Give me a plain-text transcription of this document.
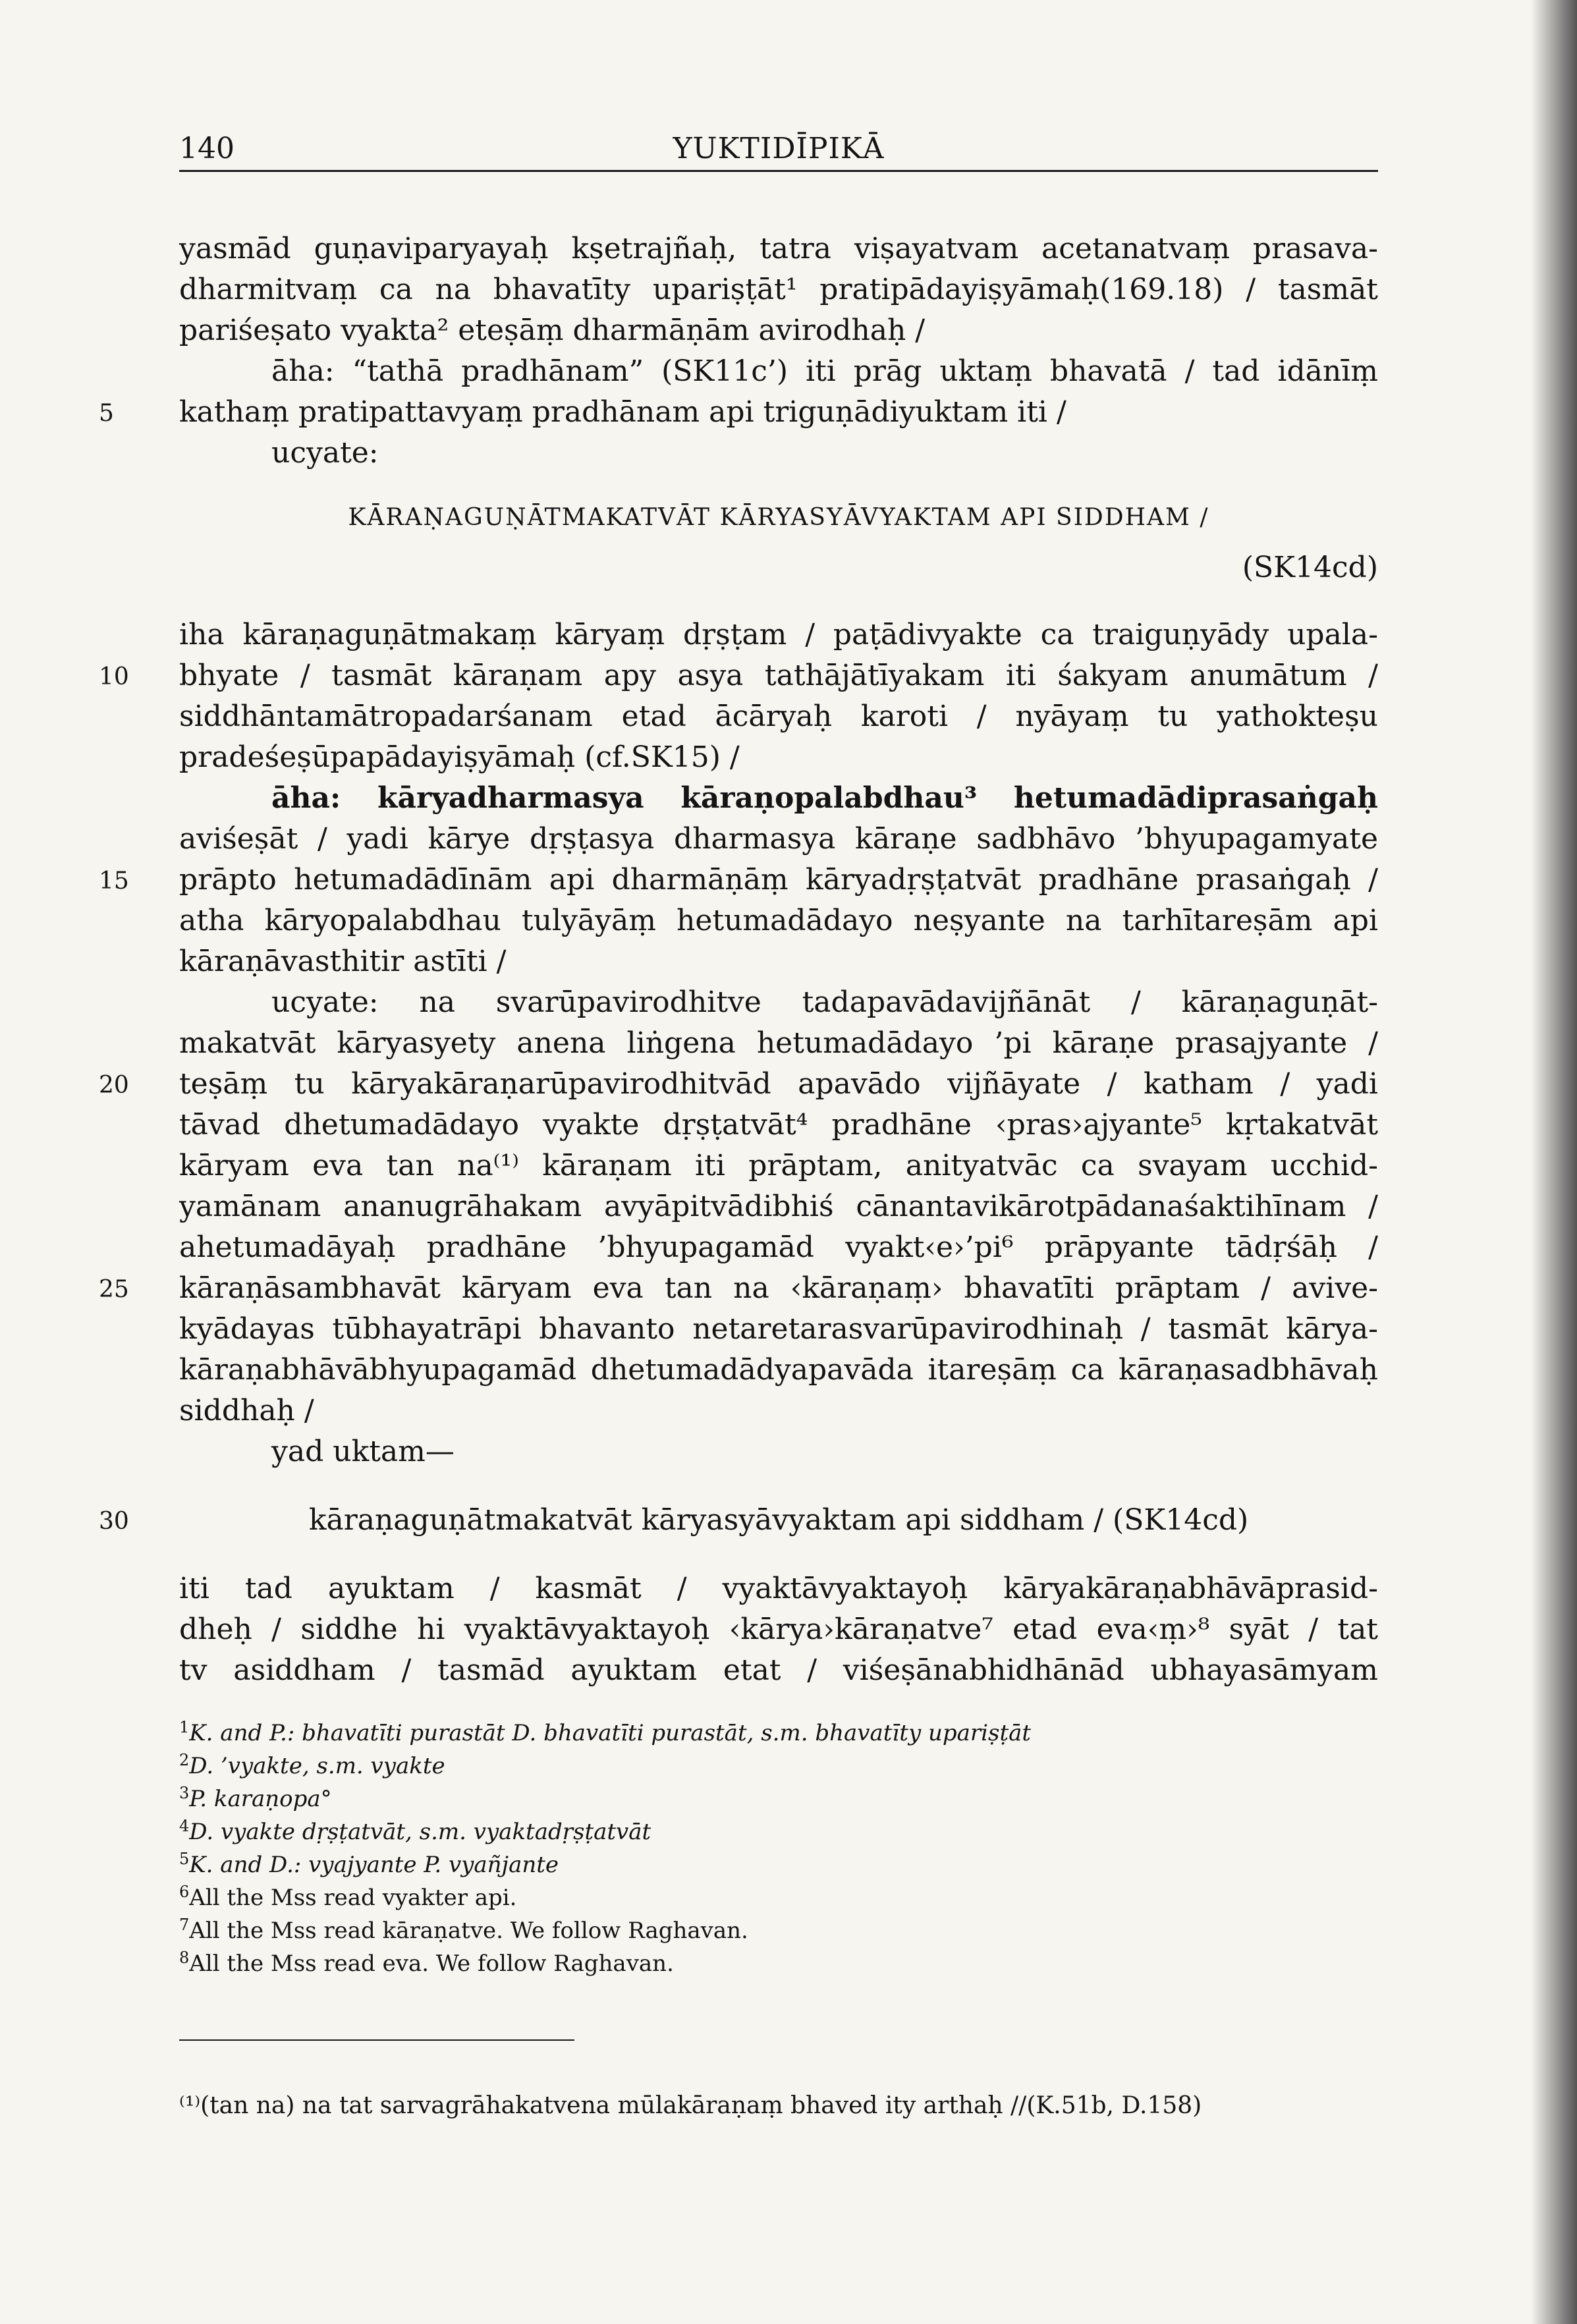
140	YUKTIDĪPIKĀ
yasmād guṇaviparyayaḥ kṣetrajñaḥ, tatra viṣayatvam acetanatvaṃ prasava-
dharmitvaṃ ca na bhavatīty upariṣṭāt¹ pratipādayiṣyāmaḥ(169.18) / tasmāt
pariśeṣato vyakta² eteṣāṃ dharmāṇām avirodhaḥ /
āha: “tathā pradhānam” (SK11c’) iti prāg uktaṃ bhavatā / tad idānīṃ
kathaṃ pratipattavyaṃ pradhānam api triguṇādiyuktam iti /
ucyate:
KĀRAṆAGUṆĀTMAKATVĀT KĀRYASYĀVYAKTAM API SIDDHAM /
(SK14cd)
iha kāraṇaguṇātmakaṃ kāryaṃ dṛṣṭam / paṭādivyakte ca traiguṇyādy upala-
bhyate / tasmāt kāraṇam apy asya tathājātīyakam iti śakyam anumātum /
siddhāntamātropadarśanam etad ācāryaḥ karoti / nyāyaṃ tu yathokteṣu
pradeśeṣūpapādayiṣyāmaḥ (cf.SK15) /
āha: kāryadharmasya kāraṇopalabdhau³ hetumadādiprasaṅgaḥ
aviśeṣāt / yadi kārye dṛṣṭasya dharmasya kāraṇe sadbhāvo ’bhyupagamyate
prāpto hetumadādīnām api dharmāṇāṃ kāryadṛṣṭatvāt pradhāne prasaṅgaḥ /
atha kāryopalabdhau tulyāyāṃ hetumadādayo neṣyante na tarhītareṣām api
kāraṇāvasthitir astīti /
ucyate: na svarūpavirodhitve tadapavādavijñānāt / kāraṇaguṇāt-
makatvāt kāryasyety anena liṅgena hetumadādayo ’pi kāraṇe prasajyante /
teṣāṃ tu kāryakāraṇarūpavirodhitvād apavādo vijñāyate / katham / yadi
tāvad dhetumadādayo vyakte dṛṣṭatvāt⁴ pradhāne ‹pras›ajyante⁵ kṛtakatvāt
kāryam eva tan na⁽¹⁾ kāraṇam iti prāptam, anityatvāc ca svayam ucchid-
yamānam ananugrāhakam avyāpitvādibhiś cānantavikārotpādanaśaktihīnam /
ahetumadāyaḥ pradhāne ’bhyupagamād vyakt‹e›’pi⁶ prāpyante tādṛśāḥ /
kāraṇāsambhavāt kāryam eva tan na ‹kāraṇaṃ› bhavatīti prāptam / avive-
kyādayas tūbhayatrāpi bhavanto netaretarasvarūpavirodhinaḥ / tasmāt kārya-
kāraṇabhāvābhyupagamād dhetumadādyapavāda itareṣāṃ ca kāraṇasadbhāvaḥ
siddhaḥ /
yad uktam—
kāraṇaguṇātmakatvāt kāryasyāvyaktam api siddham / (SK14cd)
iti tad ayuktam / kasmāt / vyaktāvyaktayoḥ kāryakāraṇabhāvāprasid-
dheḥ / siddhe hi vyaktāvyaktayoḥ ‹kārya›kāraṇatve⁷ etad eva‹ṃ›⁸ syāt / tat
tv asiddham / tasmād ayuktam etat / viśeṣānabhidhānād ubhayasāmyam
5
10
15
20
25
30
$^1$K. and P.: bhavatīti purastāt D. bhavatīti purastāt, s.m. bhavatīty upariṣṭāt
$^2$D. ’vyakte, s.m. vyakte
$^3$P. karaṇopa°
$^4$D. vyakte dṛṣṭatvāt, s.m. vyaktadṛṣṭatvāt
$^5$K. and D.: vyajyante P. vyañjante
$^6$All the Mss read vyakter api.
$^7$All the Mss read kāraṇatve. We follow Raghavan.
$^8$All the Mss read eva. We follow Raghavan.
⁽¹⁾(tan na) na tat sarvagrāhakatvena mūlakāraṇaṃ bhaved ity arthaḥ //(K.51b, D.158)
